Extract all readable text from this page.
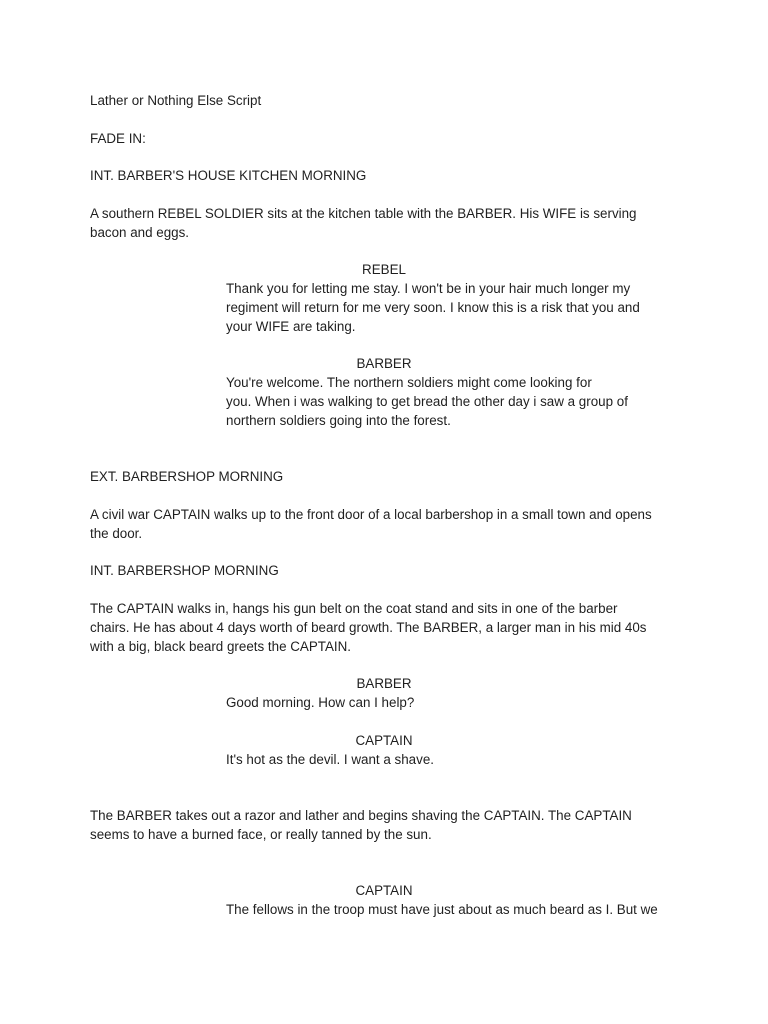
Lather or Nothing Else Script
FADE IN:
INT. BARBER'S HOUSE KITCHEN MORNING
A southern REBEL SOLDIER sits at the kitchen table with the BARBER. His WIFE is serving
bacon and eggs.
REBEL
Thank you for letting me stay. I won't be in your hair much longer my
regiment will return for me very soon. I know this is a risk that you and
your WIFE are taking.
BARBER
You're welcome. The northern soldiers might come looking for
you. When i was walking to get bread the other day i saw a group of
northern soldiers going into the forest.
EXT. BARBERSHOP MORNING
A civil war CAPTAIN walks up to the front door of a local barbershop in a small town and opens
the door.
INT. BARBERSHOP MORNING
The CAPTAIN walks in, hangs his gun belt on the coat stand and sits in one of the barber
chairs. He has about 4 days worth of beard growth. The BARBER, a larger man in his mid 40s
with a big, black beard greets the CAPTAIN.
BARBER
Good morning. How can I help?
CAPTAIN
It's hot as the devil. I want a shave.
The BARBER takes out a razor and lather and begins shaving the CAPTAIN. The CAPTAIN
seems to have a burned face, or really tanned by the sun.
CAPTAIN
The fellows in the troop must have just about as much beard as I. But we
